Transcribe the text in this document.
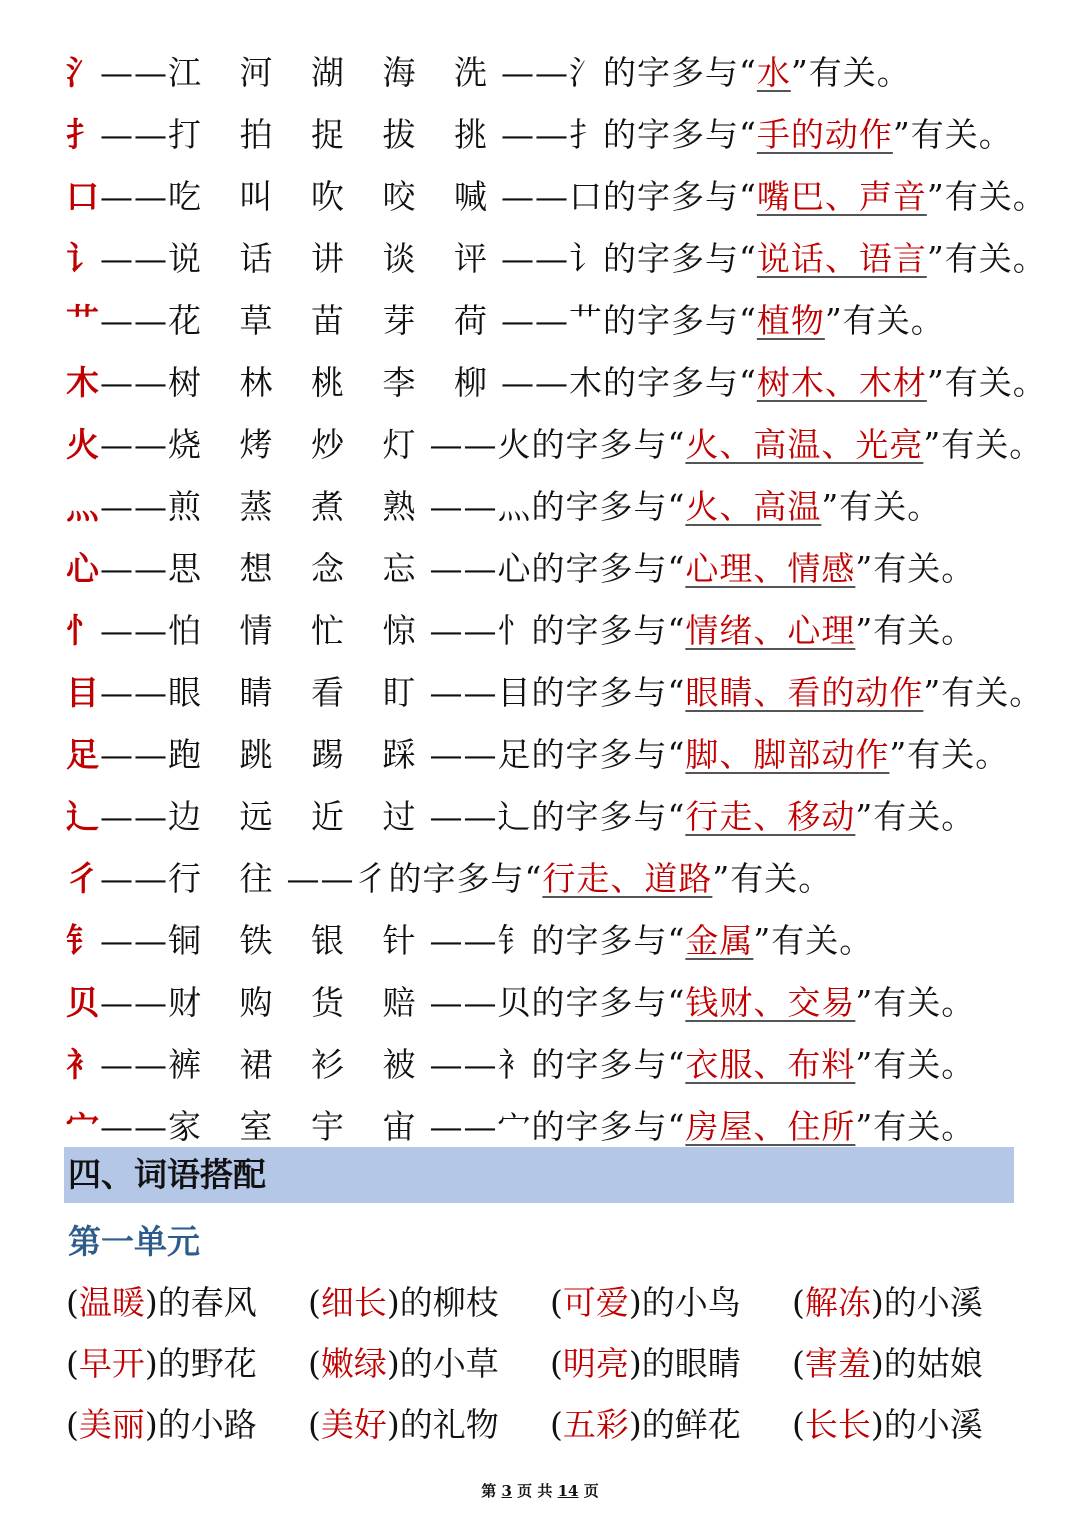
氵——江 河 湖 海 洗——氵的字多与“水”有关。
扌——打 拍 捉 拔 挑——扌的字多与“手的动作”有关。
口——吃 叫 吹 咬 喊——口的字多与“嘴巴、声音”有关。
讠——说 话 讲 谈 评——讠的字多与“说话、语言”有关。
艹——花 草 苗 芽 荷——艹的字多与“植物”有关。
木——树 林 桃 李 柳——木的字多与“树木、木材”有关。
火——烧 烤 炒 灯——火的字多与“火、高温、光亮”有关。
灬——煎 蒸 煮 熟——灬的字多与“火、高温”有关。
心——思 想 念 忘——心的字多与“心理、情感”有关。
忄——怕 情 忙 惊——忄的字多与“情绪、心理”有关。
目——眼 睛 看 盯——目的字多与“眼睛、看的动作”有关。
足——跑 跳 踢 踩——足的字多与“脚、脚部动作”有关。
辶——边 远 近 过——辶的字多与“行走、移动”有关。
彳——行 往——彳的字多与“行走、道路”有关。
钅——铜 铁 银 针——钅的字多与“金属”有关。
贝——财 购 货 赔——贝的字多与“钱财、交易”有关。
衤——裤 裙 衫 被——衤的字多与“衣服、布料”有关。
宀——家 室 宇 宙——宀的字多与“房屋、住所”有关。
四、词语搭配
第一单元
(温暖)的春风 (细长)的柳枝 (可爱)的小鸟 (解冻)的小溪
(早开)的野花 (嫩绿)的小草 (明亮)的眼睛 (害羞)的姑娘
(美丽)的小路 (美好)的礼物 (五彩)的鲜花 (长长)的小溪
第 3 页 共 14 页
